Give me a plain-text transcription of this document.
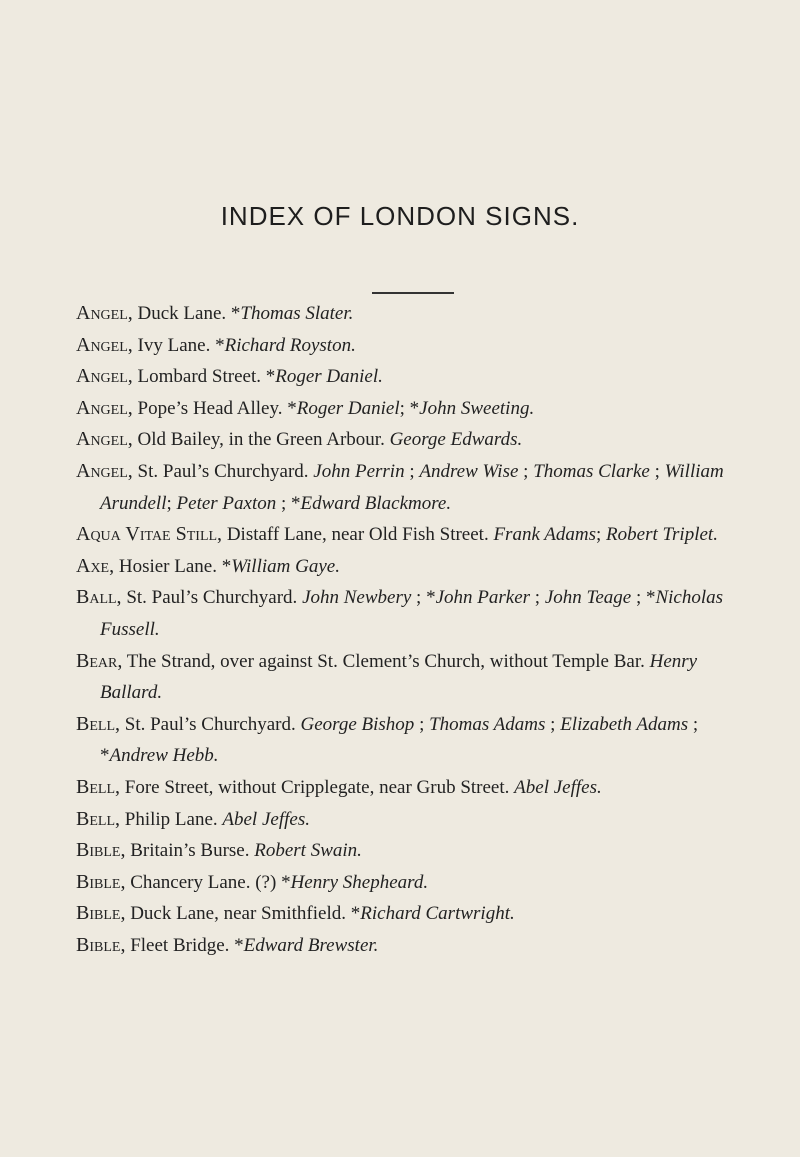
INDEX OF LONDON SIGNS.

Angel, Duck Lane. *Thomas Slater.

Angel, Ivy Lane. *Richard Royston.

Angel, Lombard Street. *Roger Daniel.

Angel, Pope’s Head Alley. *Roger Daniel; *John Sweeting.

Angel, Old Bailey, in the Green Arbour. George Edwards.

Angel, St. Paul’s Churchyard. John Perrin ; Andrew Wise ; Thomas Clarke ; William Arundell; Peter Paxton ; *Edward Blackmore.

Aqua Vitae Still, Distaff Lane, near Old Fish Street. Frank Adams; Robert Triplet.

Axe, Hosier Lane. *William Gaye.

Ball, St. Paul’s Churchyard. John Newbery ; *John Parker ; John Teage ; *Nicholas Fussell.

Bear, The Strand, over against St. Clement’s Church, without Temple Bar. Henry Ballard.

Bell, St. Paul’s Churchyard. George Bishop ; Thomas Adams ; Elizabeth Adams ; *Andrew Hebb.

Bell, Fore Street, without Cripplegate, near Grub Street. Abel Jeffes.

Bell, Philip Lane. Abel Jeffes.

Bible, Britain’s Burse. Robert Swain.

Bible, Chancery Lane. (?) *Henry Shepheard.

Bible, Duck Lane, near Smithfield. *Richard Cartwright.

Bible, Fleet Bridge. *Edward Brewster.
